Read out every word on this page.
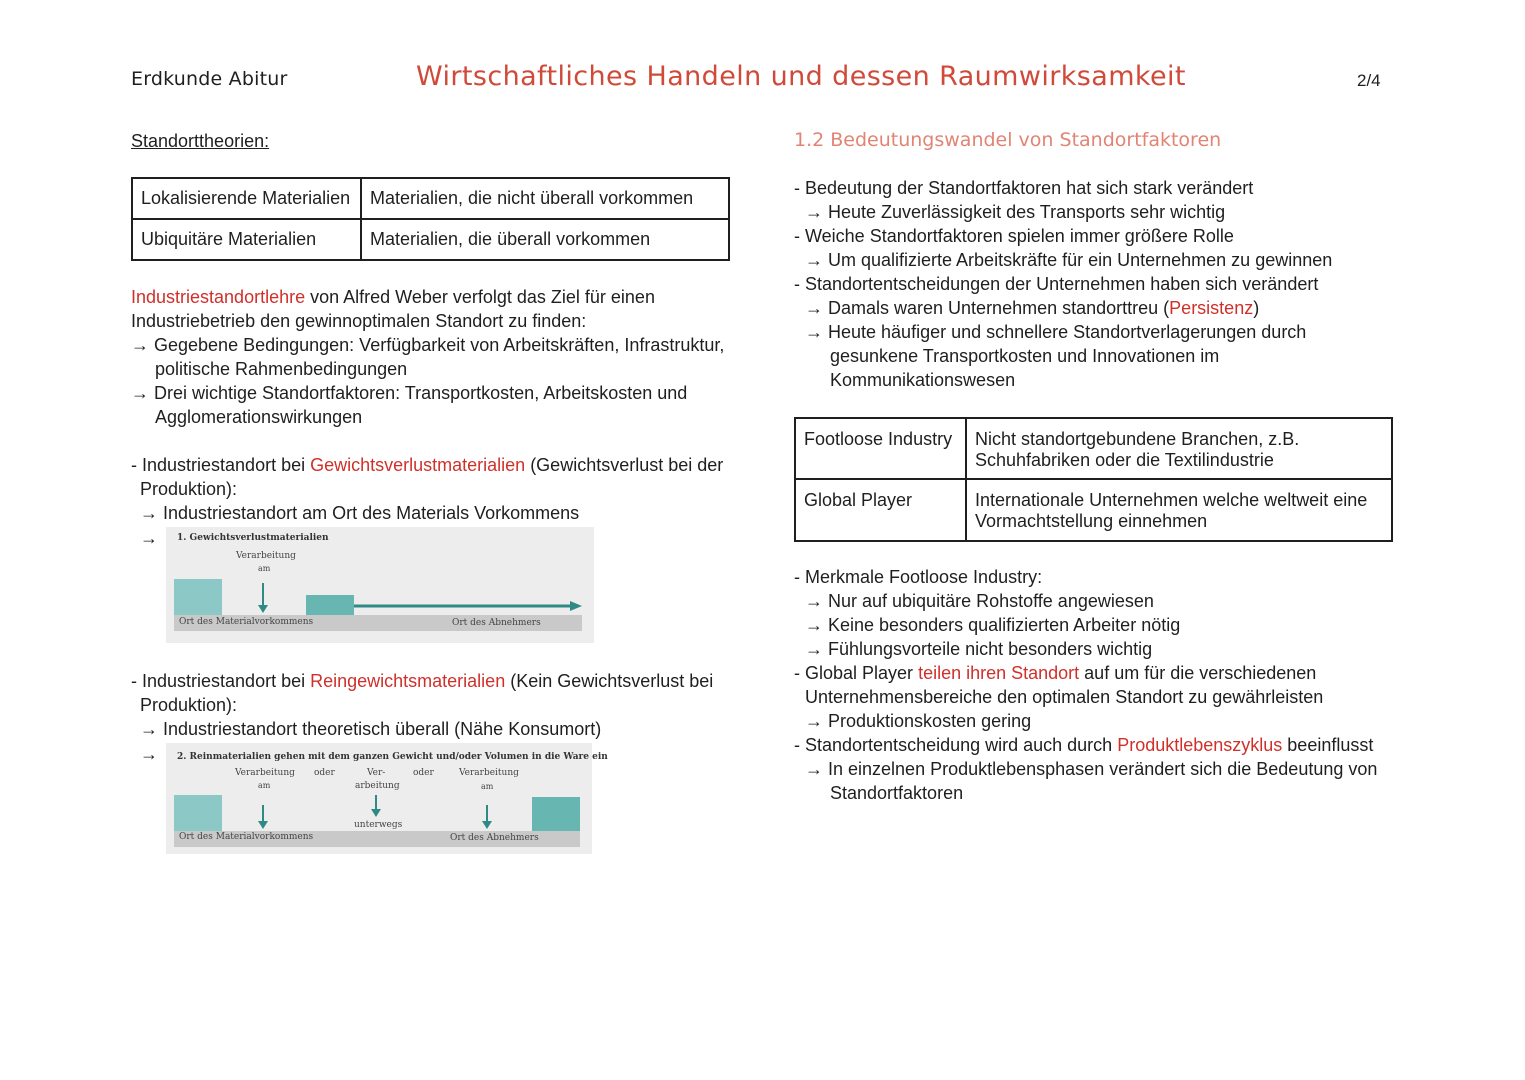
Erdkunde Abitur	Wirtschaftliches Handeln und dessen Raumwirksamkeit	2/4
Standorttheorien:
Lokalisierende Materialien	Materialien, die nicht überall vorkommen
Ubiquitäre Materialien	Materialien, die überall vorkommen
Industriestandortlehre von Alfred Weber verfolgt das Ziel für einen
Industriebetrieb den gewinnoptimalen Standort zu finden:
→ Gegebene Bedingungen: Verfügbarkeit von Arbeitskräften, Infrastruktur,
politische Rahmenbedingungen
→ Drei wichtige Standortfaktoren: Transportkosten, Arbeitskosten und
Agglomerationswirkungen
- Industriestandort bei Gewichtsverlustmaterialien (Gewichtsverlust bei der
Produktion):
→ Industriestandort am Ort des Materials Vorkommens
→ 1. Gewichtsverlustmaterialien
Verarbeitung
am
Ort des Materialvorkommens	Ort des Abnehmers
- Industriestandort bei Reingewichtsmaterialien (Kein Gewichtsverlust bei
Produktion):
→ Industriestandort theoretisch überall (Nähe Konsumort)
→ 2. Reinmaterialien gehen mit dem ganzen Gewicht und/oder Volumen in die Ware ein
Verarbeitung
am
oder	Ver-
arbeitung
oder	Verarbeitung
am
unterwegs
Ort des Materialvorkommens	Ort des Abnehmers
1.2 Bedeutungswandel von Standortfaktoren
- Bedeutung der Standortfaktoren hat sich stark verändert
→ Heute Zuverlässigkeit des Transports sehr wichtig
- Weiche Standortfaktoren spielen immer größere Rolle
→ Um qualifizierte Arbeitskräfte für ein Unternehmen zu gewinnen
- Standortentscheidungen der Unternehmen haben sich verändert
→ Damals waren Unternehmen standorttreu (Persistenz)
→ Heute häufiger und schnellere Standortverlagerungen durch
gesunkene Transportkosten und Innovationen im
Kommunikationswesen
Footloose Industry	Nicht standortgebundene Branchen, z.B.
Schuhfabriken oder die Textilindustrie

Global Player	Internationale Unternehmen welche weltweit eine
Vormachtstellung einnehmen
- Merkmale Footloose Industry:
→ Nur auf ubiquitäre Rohstoffe angewiesen
→ Keine besonders qualifizierten Arbeiter nötig
→ Fühlungsvorteile nicht besonders wichtig
- Global Player teilen ihren Standort auf um für die verschiedenen
Unternehmensbereiche den optimalen Standort zu gewährleisten
→ Produktionskosten gering
- Standortentscheidung wird auch durch Produktlebenszyklus beeinflusst
→ In einzelnen Produktlebensphasen verändert sich die Bedeutung von
Standortfaktoren
